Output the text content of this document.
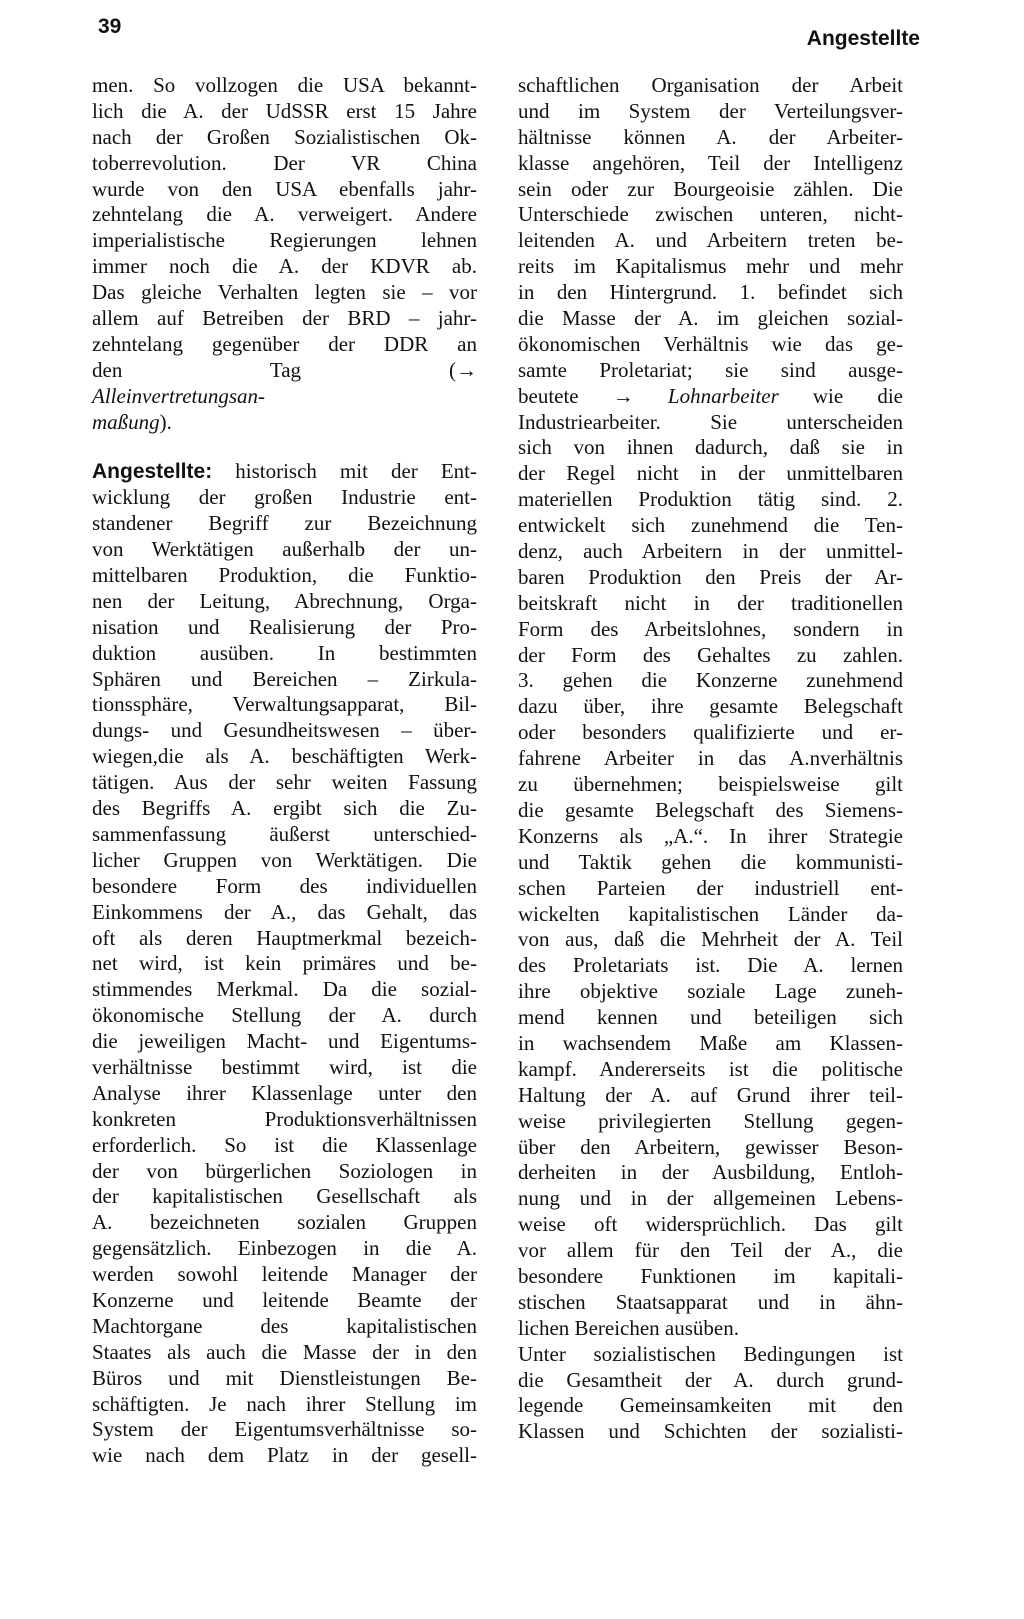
39
Angestellte
men. So vollzogen die USA bekannt-
lich die A. der UdSSR erst 15 Jahre
nach der Großen Sozialistischen Ok-
toberrevolution. Der VR China
wurde von den USA ebenfalls jahr-
zehntelang die A. verweigert. Andere
imperialistische Regierungen lehnen
immer noch die A. der KDVR ab.
Das gleiche Verhalten legten sie – vor
allem auf Betreiben der BRD – jahr-
zehntelang gegenüber der DDR an
den Tag (→
Alleinvertretungsan-
maßung).
Angestellte: historisch mit der Ent-
wicklung der großen Industrie ent-
standener Begriff zur Bezeichnung
von Werktätigen außerhalb der un-
mittelbaren Produktion, die Funktio-
nen der Leitung, Abrechnung, Orga-
nisation und Realisierung der Pro-
duktion ausüben. In bestimmten
Sphären und Bereichen – Zirkula-
tionssphäre, Verwaltungsapparat, Bil-
dungs- und Gesundheitswesen – über-
wiegen,die als A. beschäftigten Werk-
tätigen. Aus der sehr weiten Fassung
des Begriffs A. ergibt sich die Zu-
sammenfassung äußerst unterschied-
licher Gruppen von Werktätigen. Die
besondere Form des individuellen
Einkommens der A., das Gehalt, das
oft als deren Hauptmerkmal bezeich-
net wird, ist kein primäres und be-
stimmendes Merkmal. Da die sozial-
ökonomische Stellung der A. durch
die jeweiligen Macht- und Eigentums-
verhältnisse bestimmt wird, ist die
Analyse ihrer Klassenlage unter den
konkreten Produktionsverhältnissen
erforderlich. So ist die Klassenlage
der von bürgerlichen Soziologen in
der kapitalistischen Gesellschaft als
A. bezeichneten sozialen Gruppen
gegensätzlich. Einbezogen in die A.
werden sowohl leitende Manager der
Konzerne und leitende Beamte der
Machtorgane des kapitalistischen
Staates als auch die Masse der in den
Büros und mit Dienstleistungen Be-
schäftigten. Je nach ihrer Stellung im
System der Eigentumsverhältnisse so-
wie nach dem Platz in der gesell-
schaftlichen Organisation der Arbeit
und im System der Verteilungsver-
hältnisse können A. der Arbeiter-
klasse angehören, Teil der Intelligenz
sein oder zur Bourgeoisie zählen. Die
Unterschiede zwischen unteren, nicht-
leitenden A. und Arbeitern treten be-
reits im Kapitalismus mehr und mehr
in den Hintergrund. 1. befindet sich
die Masse der A. im gleichen sozial-
ökonomischen Verhältnis wie das ge-
samte Proletariat; sie sind ausge-
beutete → Lohnarbeiter wie die
Industriearbeiter. Sie unterscheiden
sich von ihnen dadurch, daß sie in
der Regel nicht in der unmittelbaren
materiellen Produktion tätig sind. 2.
entwickelt sich zunehmend die Ten-
denz, auch Arbeitern in der unmittel-
baren Produktion den Preis der Ar-
beitskraft nicht in der traditionellen
Form des Arbeitslohnes, sondern in
der Form des Gehaltes zu zahlen.
3. gehen die Konzerne zunehmend
dazu über, ihre gesamte Belegschaft
oder besonders qualifizierte und er-
fahrene Arbeiter in das A.nverhältnis
zu übernehmen; beispielsweise gilt
die gesamte Belegschaft des Siemens-
Konzerns als „A.“. In ihrer Strategie
und Taktik gehen die kommunisti-
schen Parteien der industriell ent-
wickelten kapitalistischen Länder da-
von aus, daß die Mehrheit der A. Teil
des Proletariats ist. Die A. lernen
ihre objektive soziale Lage zuneh-
mend kennen und beteiligen sich
in wachsendem Maße am Klassen-
kampf. Andererseits ist die politische
Haltung der A. auf Grund ihrer teil-
weise privilegierten Stellung gegen-
über den Arbeitern, gewisser Beson-
derheiten in der Ausbildung, Entloh-
nung und in der allgemeinen Lebens-
weise oft widersprüchlich. Das gilt
vor allem für den Teil der A., die
besondere Funktionen im kapitali-
stischen Staatsapparat und in ähn-
lichen Bereichen ausüben.
Unter sozialistischen Bedingungen ist
die Gesamtheit der A. durch grund-
legende Gemeinsamkeiten mit den
Klassen und Schichten der sozialisti-
